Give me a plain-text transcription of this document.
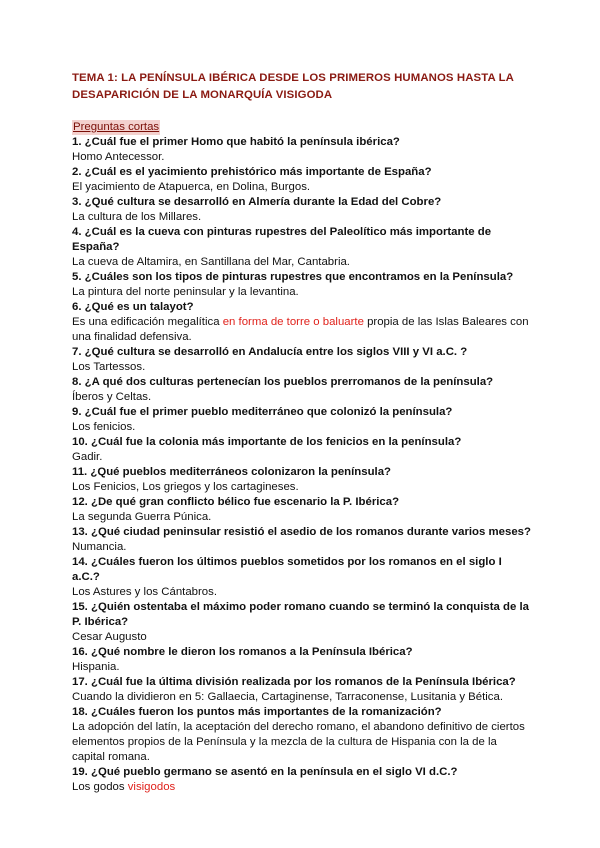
TEMA 1: LA PENÍNSULA IBÉRICA DESDE LOS PRIMEROS HUMANOS HASTA LA DESAPARICIÓN DE LA MONARQUÍA VISIGODA
Preguntas cortas

1. ¿Cuál fue el primer Homo que habitó la península ibérica?

Homo Antecessor.

2. ¿Cuál es el yacimiento prehistórico más importante de España?

El yacimiento de Atapuerca, en Dolina, Burgos.

3. ¿Qué cultura se desarrolló en Almería durante la Edad del Cobre?

La cultura de los Millares.

4. ¿Cuál es la cueva con pinturas rupestres del Paleolítico más importante de España?

La cueva de Altamira, en Santillana del Mar, Cantabria.

5. ¿Cuáles son los tipos de pinturas rupestres que encontramos en la Península?

La pintura del norte peninsular y la levantina.

6. ¿Qué es un talayot?

Es una edificación megalítica en forma de torre o baluarte propia de las Islas Baleares con una finalidad defensiva.

7. ¿Qué cultura se desarrolló en Andalucía entre los siglos VIII y VI a.C. ?

Los Tartessos.

8. ¿A qué dos culturas pertenecían los pueblos prerromanos de la península?

Íberos y Celtas.

9. ¿Cuál fue el primer pueblo mediterráneo que colonizó la península?

Los fenicios.

10. ¿Cuál fue la colonia más importante de los fenicios en la península?

Gadir.

11. ¿Qué pueblos mediterráneos colonizaron la península?

Los Fenicios, Los griegos y los cartagineses.

12. ¿De qué gran conflicto bélico fue escenario la P. Ibérica?

La segunda Guerra Púnica.

13. ¿Qué ciudad peninsular resistió el asedio de los romanos durante varios meses?

Numancia.

14. ¿Cuáles fueron los últimos pueblos sometidos por los romanos en el siglo I a.C.?

Los Astures y los Cántabros.

15. ¿Quién ostentaba el máximo poder romano cuando se terminó la conquista de la P. Ibérica?

Cesar Augusto

16. ¿Qué nombre le dieron los romanos a la Península Ibérica?

Hispania.

17. ¿Cuál fue la última división realizada por los romanos de la Península Ibérica?

Cuando la dividieron en 5: Gallaecia, Cartaginense, Tarraconense, Lusitania y Bética.

18. ¿Cuáles fueron los puntos más importantes de la romanización?

La adopción del latín, la aceptación del derecho romano, el abandono definitivo de ciertos elementos propios de la Península y la mezcla de la cultura de Hispania con la de la capital romana.

19. ¿Qué pueblo germano se asentó en la península en el siglo VI d.C.?

Los godos visigodos
